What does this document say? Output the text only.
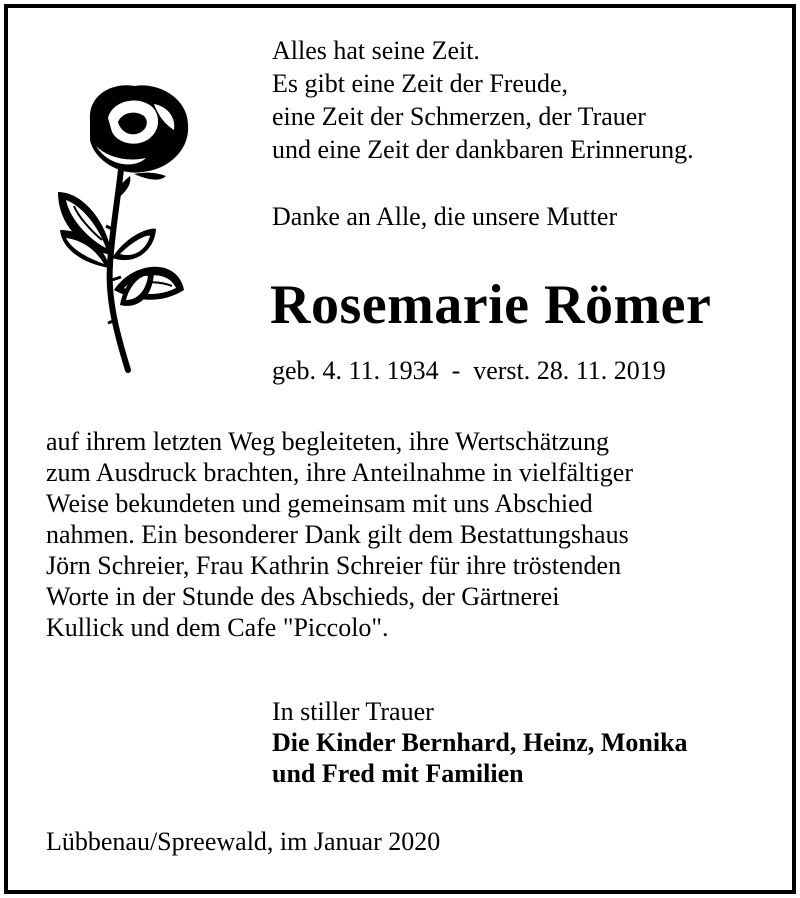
Alles hat seine Zeit.
Es gibt eine Zeit der Freude,
eine Zeit der Schmerzen, der Trauer
und eine Zeit der dankbaren Erinnerung.
Danke an Alle, die unsere Mutter
Rosemarie Römer
geb. 4. 11. 1934  -  verst. 28. 11. 2019
auf ihrem letzten Weg begleiteten, ihre Wertschätzung
zum Ausdruck brachten, ihre Anteilnahme in vielfältiger
Weise bekundeten und gemeinsam mit uns Abschied
nahmen. Ein besonderer Dank gilt dem Bestattungshaus
Jörn Schreier, Frau Kathrin Schreier für ihre tröstenden
Worte in der Stunde des Abschieds, der Gärtnerei
Kullick und dem Cafe "Piccolo".
In stiller Trauer
Die Kinder Bernhard, Heinz, Monika
und Fred mit Familien
Lübbenau/Spreewald, im Januar 2020
